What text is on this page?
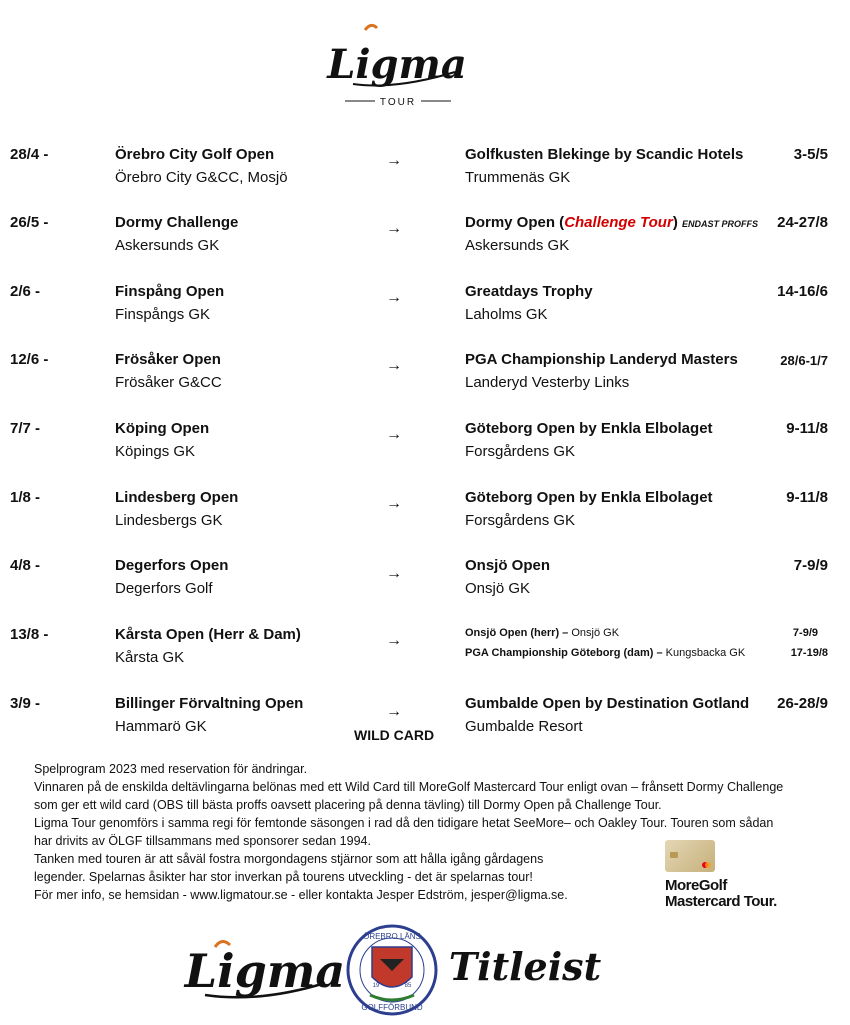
Ligma
TOUR
28/4 -	Örebro City Golf Open
Örebro City G&CC, Mosjö
→	Golfkusten Blekinge by Scandic Hotels
Trummenäs GK
3-5/5
26/5 -	Dormy Challenge
Askersunds GK
→	Dormy Open (Challenge Tour) ENDAST PROFFS
Askersunds GK
24-27/8
2/6 -	Finspång Open
Finspångs GK
→	Greatdays Trophy
Laholms GK
14-16/6
12/6 -	Frösåker Open
Frösåker G&CC
→	PGA Championship Landeryd Masters
Landeryd Vesterby Links
28/6-1/7
7/7 -	Köping Open
Köpings GK
→	Göteborg Open by Enkla Elbolaget
Forsgårdens GK
9-11/8
1/8 -	Lindesberg Open
Lindesbergs GK
→	Göteborg Open by Enkla Elbolaget
Forsgårdens GK
9-11/8
4/8 -	Degerfors Open
Degerfors Golf
→	Onsjö Open
Onsjö GK
7-9/9
13/8 -	Kårsta Open (Herr & Dam)
Kårsta GK
→	Onsjö Open (herr) – Onsjö GK	7-9/9
PGA Championship Göteborg (dam) – Kungsbacka GK	17-19/8
3/9 -	Billinger Förvaltning Open
Hammarö GK
→	Gumbalde Open by Destination Gotland
Gumbalde Resort
26-28/9
WILD CARD

Spelprogram 2023 med reservation för ändringar.

Vinnaren på de enskilda deltävlingarna belönas med ett Wild Card till MoreGolf Mastercard Tour enligt ovan – frånsett Dormy Challenge som ger ett wild card (OBS till bästa proffs oavsett placering på denna tävling) till Dormy Open på Challenge Tour.

Ligma Tour genomförs i samma regi för femtonde säsongen i rad då den tidigare hetat SeeMore– och Oakley Tour. Touren som sådan har drivits av ÖLGF tillsammans med sponsorer sedan 1994.

Tanken med touren är att såväl fostra morgondagens stjärnor som att hålla igång gårdagens legender. Spelarnas åsikter har stor inverkan på tourens utveckling - det är spelarnas tour!

För mer info, se hemsidan - www.ligmatour.se - eller kontakta Jesper Edström, jesper@ligma.se.

MoreGolf
Mastercard Tour.
Ligma
ÖREBRO LÄNS
GOLFFÖRBUND
19	85 Titleist
